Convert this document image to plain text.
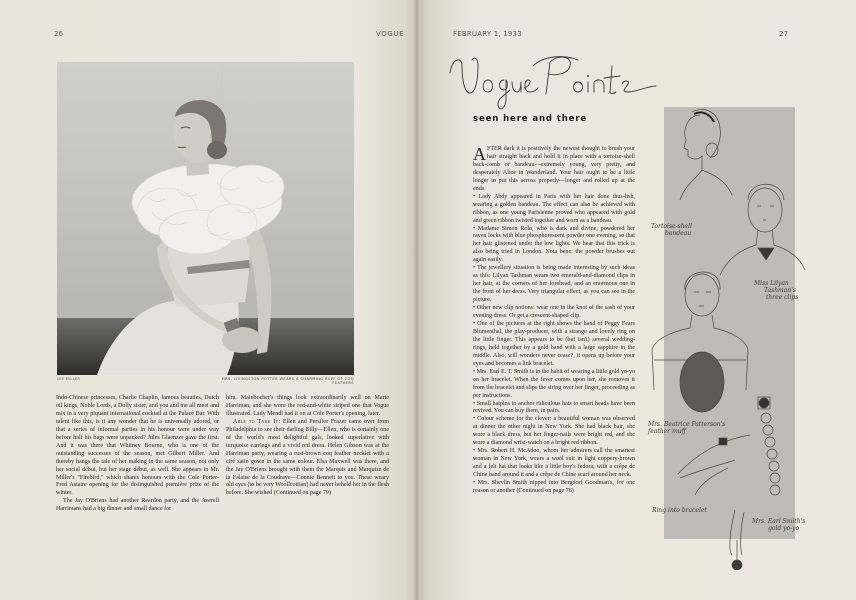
26	VOGUE
LEE MILLER	MRS. LIVINGSTON POTTER WEARS A CHARMING RUFF OF COQ FEATHERS

Indo-Chinese princesses, Charlie Chaplin, famous beauties, Dutch oil kings, Noble Lords, a Dolly sister, and you and me all meet and mix in a very piquant international cocktail at the Palace Bar. With talent like this, is it any wonder that he is universally adored, or that a series of informal parties in his honour were under way before half his bags were unpacked? Jules Glaenzer gave the first. And it was there that Whitney Bourne, who is one of the outstanding successes of the season, met Gilbert Miller. And thereby hangs the tale of her making in the same season, not only her social début, but her stage début, as well. She appears in Mr. Miller's "Firebird," which shares honours with the Cole Porter-Fred Astaire opening for the distinguished première prize of the winter.

The Jay O'Briens had another Reardon party, and the Averell Harrimans had a big dinner and small dance for

him. Mainbocher's things look extraordinarily well on Marie Harriman, and she wore the red-and-white striped one that Vogue illustrated. Lady Mendl had it on at Cole Porter's opening, later.

Able to Take It: Ellen and Persifor Frazer came over from Philadelphia to see their darling Billy—Ellen, who is certainly one of the world's most delightful gals, looked superlative with turquoise earrings and a vivid red dress. Helen Gibson was at the Harriman party, wearing a rust-brown coq feather necklet with a ciré satin gown in the same colour. Elsa Maxwell was there, and the Jay O'Briens brought with them the Marquis and Marquise de la Falaise de la Coudraye—Connie Bennett to you. These weary old eyes (to be very Woollcottian) had never beheld her in the flesh before. She wished (Continued on page 79)

FEBRUARY 1, 1933	27
seen here and there

AFTER dark it is positively the newest thought to brush your hair straight back and hold it in place with a tortoise-shell back-comb or bandeau—extremely young, very pretty, and desperately Alice in Wonderland. Your hair ought to be a little longer to put this across properly—longer and rolled up at the ends.

• Lady Abdy appeared in Paris with her hair done thus-lish, wearing a golden bandeau. The effect can also be achieved with ribbon, as one young Parisienne proved who appeared with gold and green ribbon twisted together and worn as a bandeau.

• Madame Simon Rolo, who is dark and divine, powdered her raven locks with blue phosphorescent powder one evening, so that her hair glistened under the low lights. We hear that this trick is also being tried in London. Nota bene: the powder brushes out again easily.

• The jewellery situation is being made interesting by such ideas as this: Lilyan Tashman wears two emerald-and-diamond clips in her hair, at the corners of her forehead, and an enormous one in the front of her dress. Very triangular effect, as you can see in the picture.

• Other new clip notions: wear one in the knot of the sash of your evening dress. Or get a crescent-shaped clip.

• One of the pictures at the right shows the hand of Peggy Fears Blumenthal, the play-producer, with a strange and lovely ring on the little finger. This appears to be (but isn't) several wedding-rings, held together by a gold band with a large sapphire in the middle. Also, will wonders never cease?, it opens up before your eyes and becomes a link bracelet.

• Mrs. Earl E. T. Smith is in the habit of wearing a little gold yo-yo on her bracelet. When the fever comes upon her, she removes it from the bracelet and slips the string over her finger, proceeding as per instructions.

• Small hatpins to anchor ridiculous hats to smart heads have been revived. You can buy them, in pairs.

• Colour scheme for the clever: a beautiful woman was observed at dinner the other night in New York. She had black hair, she wore a black dress, but her finger-nails were bright red, and she wore a diamond wrist-watch on a bright red ribbon.

• Mrs. Robert H. McAdoo, whom her admirers call the smartest woman in New York, wears a wool suit in light coppery-brown and a felt hat that looks like a little boy's fedora, with a crêpe de Chine band around it and a crêpe de Chine scarf around her neck.

• Mrs. Shevlin Smith nipped into Bergdorf Goodman's, for one reason or another (Continued on page 76)

Tortoise-shell
bandeau
Miss Lilyan
Tashman's
three clips
Mrs. Beatrice Patterson's
feather muff
Ring into bracelet
Mrs. Earl Smith's
gold yo-yo
